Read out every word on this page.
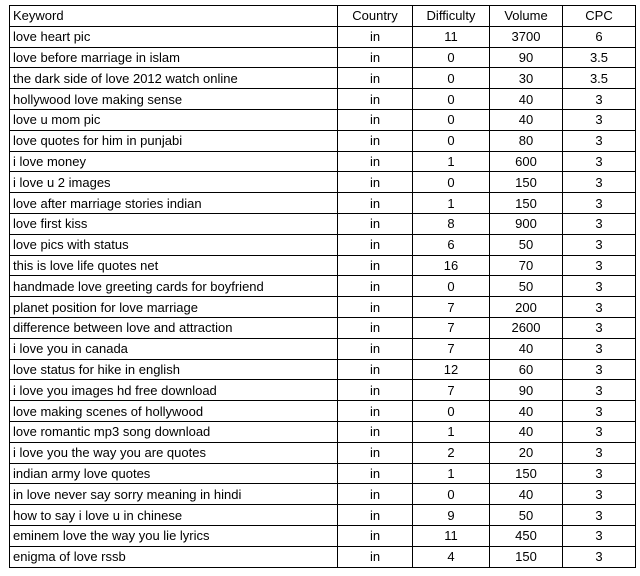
Keyword	Country	Difficulty	Volume	CPC
love heart pic	in	11	3700	6
love before marriage in islam	in	0	90	3.5
the dark side of love 2012 watch online	in	0	30	3.5
hollywood love making sense	in	0	40	3
love u mom pic	in	0	40	3
love quotes for him in punjabi	in	0	80	3
i love money	in	1	600	3
i love u 2 images	in	0	150	3
love after marriage stories indian	in	1	150	3
love first kiss	in	8	900	3
love pics with status	in	6	50	3
this is love life quotes net	in	16	70	3
handmade love greeting cards for boyfriend	in	0	50	3
planet position for love marriage	in	7	200	3
difference between love and attraction	in	7	2600	3
i love you in canada	in	7	40	3
love status for hike in english	in	12	60	3
i love you images hd free download	in	7	90	3
love making scenes of hollywood	in	0	40	3
love romantic mp3 song download	in	1	40	3
i love you the way you are quotes	in	2	20	3
indian army love quotes	in	1	150	3
in love never say sorry meaning in hindi	in	0	40	3
how to say i love u in chinese	in	9	50	3
eminem love the way you lie lyrics	in	11	450	3
enigma of love rssb	in	4	150	3
